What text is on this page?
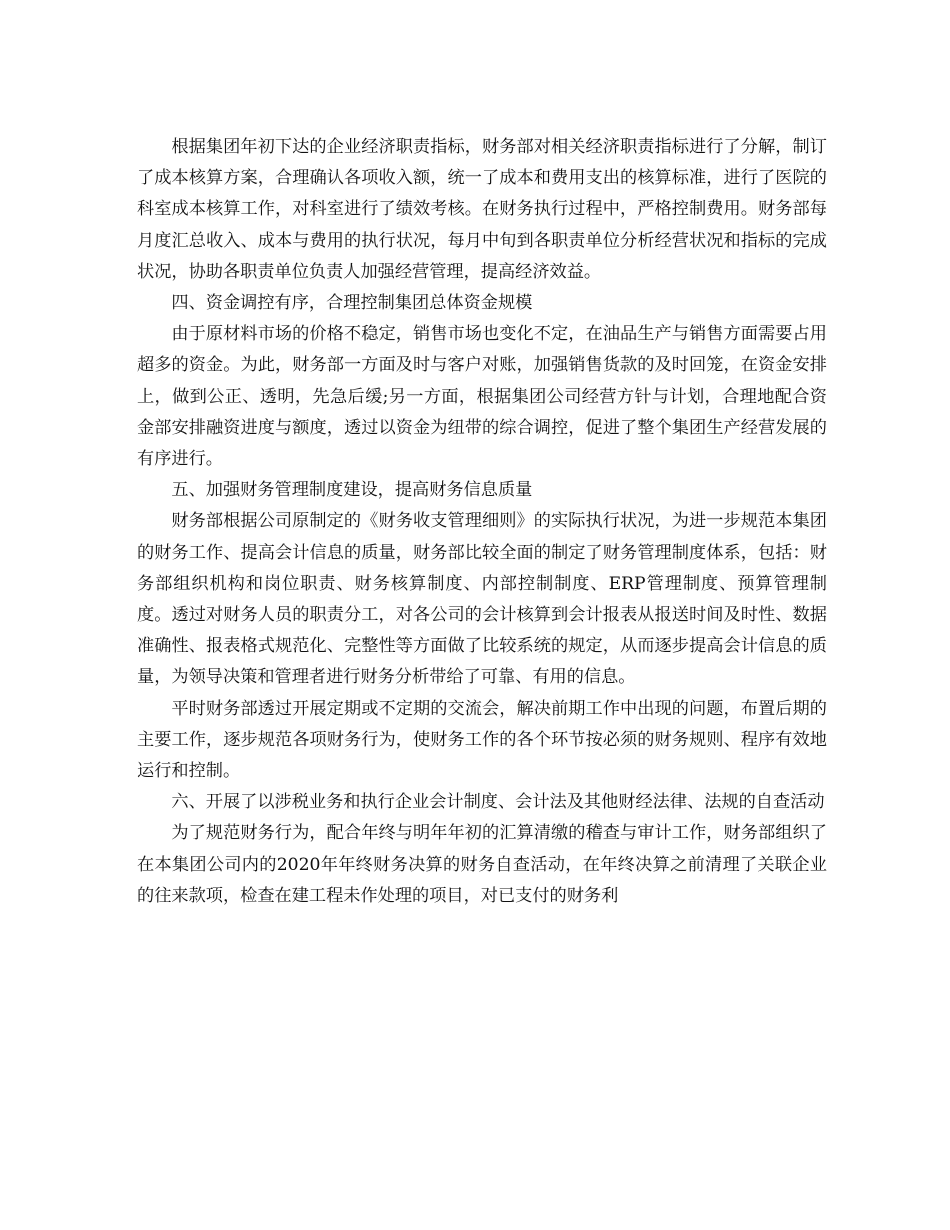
根据集团年初下达的企业经济职责指标，财务部对相关经济职责指标进行了分解，制订了成本核算方案，合理确认各项收入额，统一了成本和费用支出的核算标准，进行了医院的科室成本核算工作，对科室进行了绩效考核。在财务执行过程中，严格控制费用。财务部每月度汇总收入、成本与费用的执行状况，每月中旬到各职责单位分析经营状况和指标的完成状况，协助各职责单位负责人加强经营管理，提高经济效益。

四、资金调控有序，合理控制集团总体资金规模

由于原材料市场的价格不稳定，销售市场也变化不定，在油品生产与销售方面需要占用超多的资金。为此，财务部一方面及时与客户对账，加强销售货款的及时回笼，在资金安排上，做到公正、透明，先急后缓;另一方面，根据集团公司经营方针与计划，合理地配合资金部安排融资进度与额度，透过以资金为纽带的综合调控，促进了整个集团生产经营发展的有序进行。

五、加强财务管理制度建设，提高财务信息质量

财务部根据公司原制定的《财务收支管理细则》的实际执行状况，为进一步规范本集团的财务工作、提高会计信息的质量，财务部比较全面的制定了财务管理制度体系，包括：财务部组织机构和岗位职责、财务核算制度、内部控制制度、ERP管理制度、预算管理制度。透过对财务人员的职责分工，对各公司的会计核算到会计报表从报送时间及时性、数据准确性、报表格式规范化、完整性等方面做了比较系统的规定，从而逐步提高会计信息的质量，为领导决策和管理者进行财务分析带给了可靠、有用的信息。

平时财务部透过开展定期或不定期的交流会，解决前期工作中出现的问题，布置后期的主要工作，逐步规范各项财务行为，使财务工作的各个环节按必须的财务规则、程序有效地运行和控制。

六、开展了以涉税业务和执行企业会计制度、会计法及其他财经法律、法规的自查活动

为了规范财务行为，配合年终与明年年初的汇算清缴的稽查与审计工作，财务部组织了在本集团公司内的2020年年终财务决算的财务自查活动，在年终决算之前清理了关联企业的往来款项，检查在建工程未作处理的项目，对已支付的财务利
